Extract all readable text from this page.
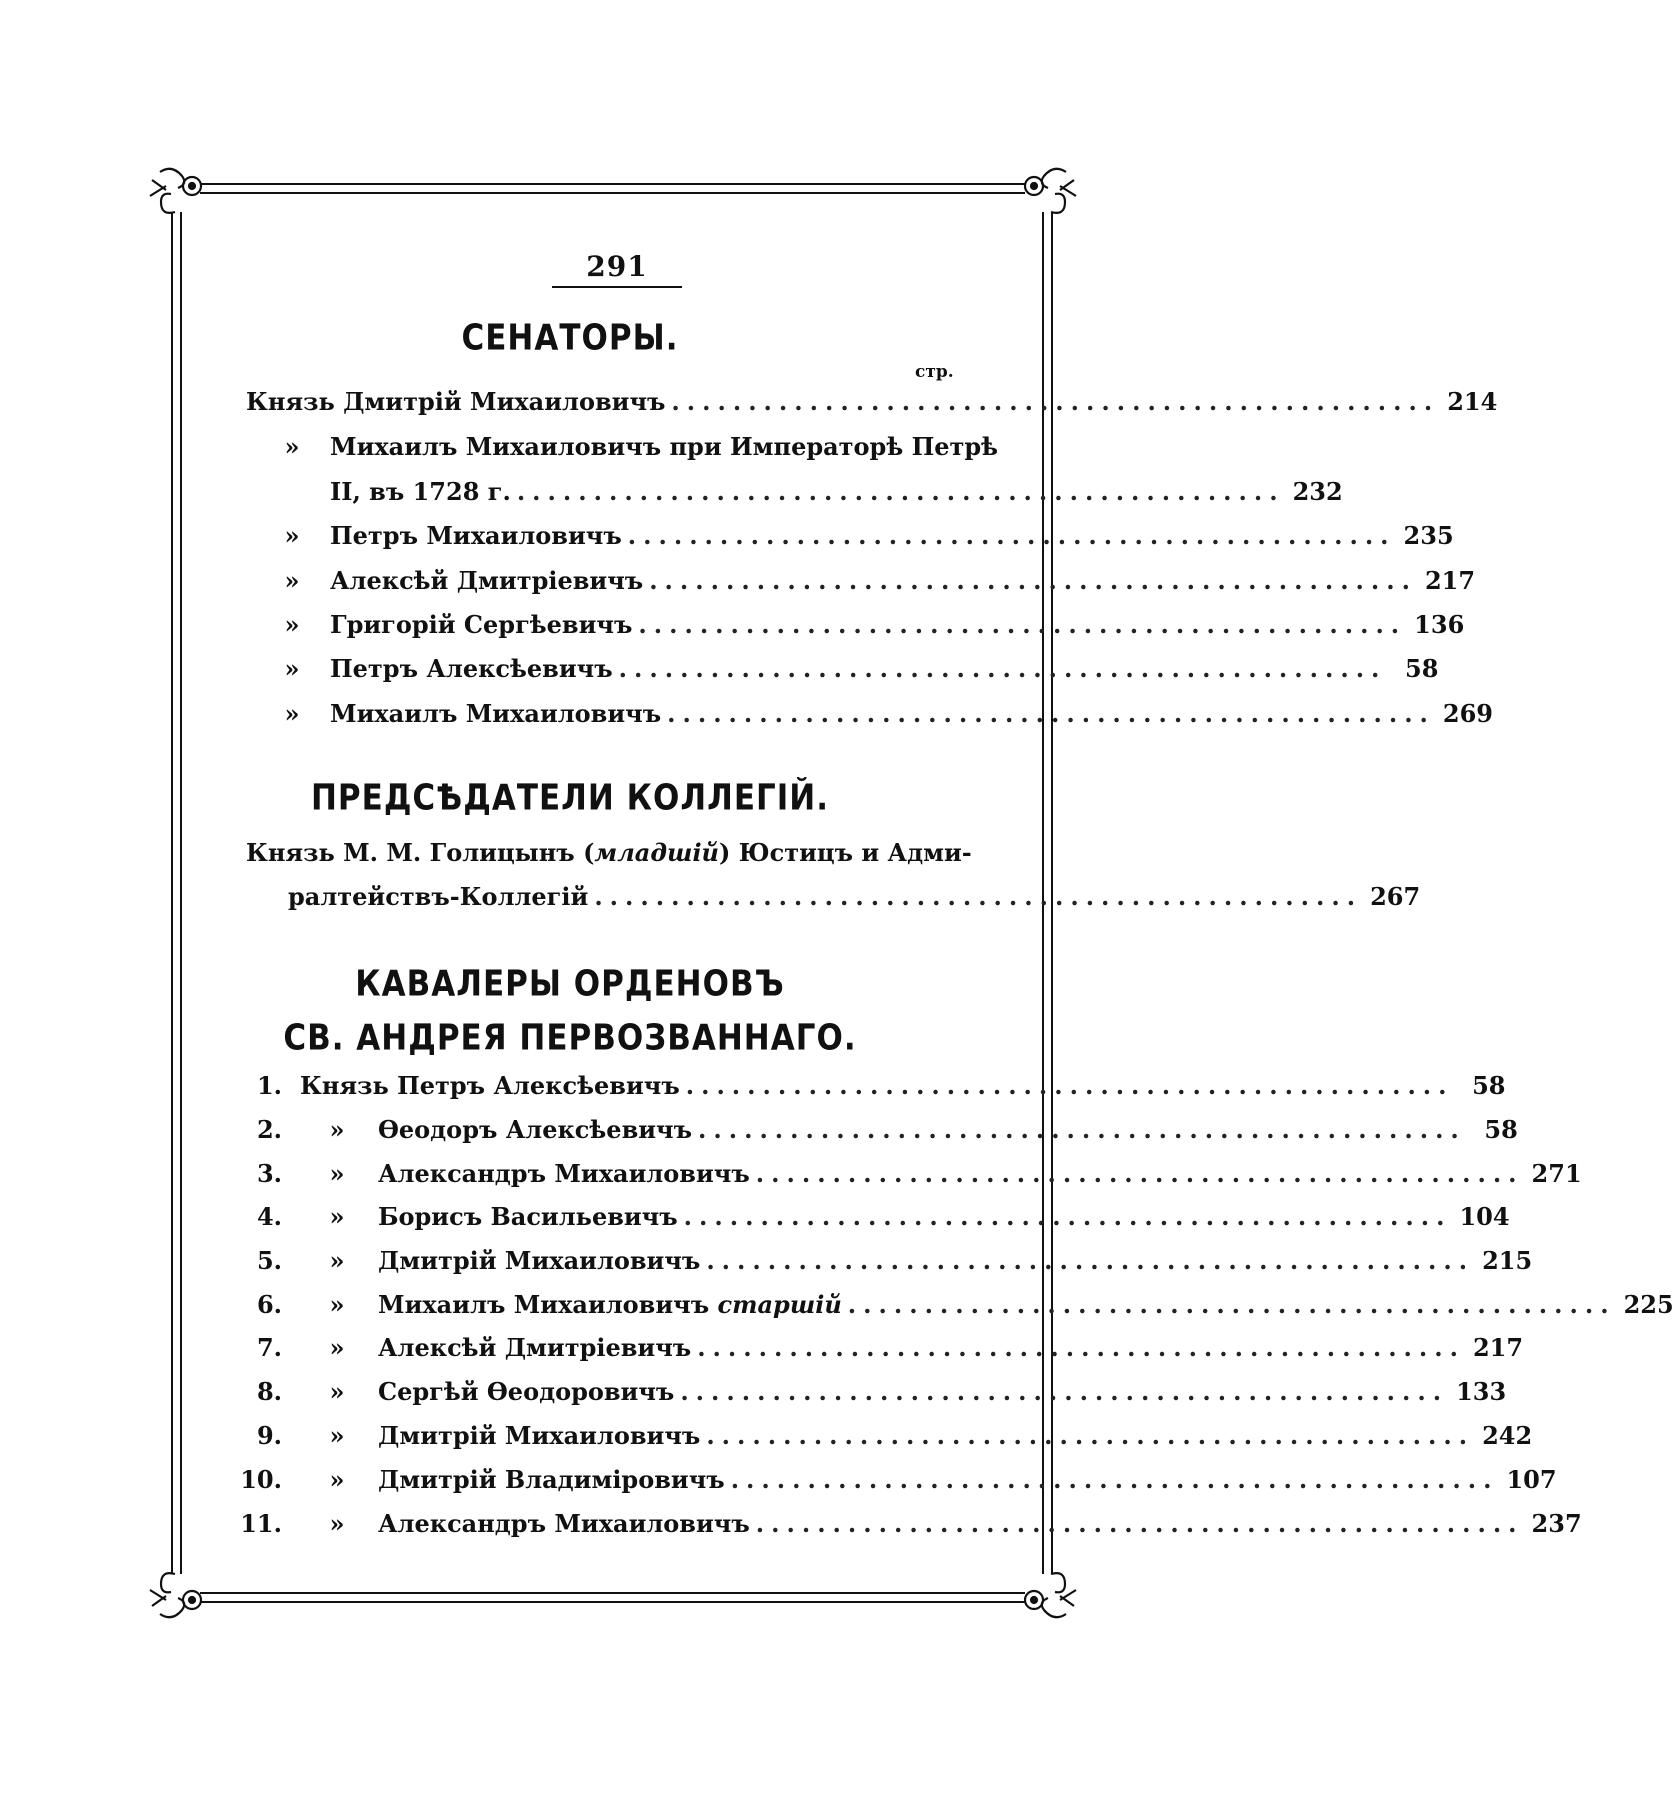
291
СЕНАТОРЫ.
стр.
Князь Дмитрій Михаиловичъ .................................................. 214
» Михаилъ Михаиловичъ при Императорѣ Петрѣ
II, въ 1728 г. .................................................. 232
» Петръ Михаиловичъ .................................................. 235
» Алексѣй Дмитріевичъ .................................................. 217
» Григорій Сергѣевичъ .................................................. 136
» Петръ Алексѣевичъ .................................................. 58
» Михаилъ Михаиловичъ .................................................. 269
ПРЕДСѢДАТЕЛИ КОЛЛЕГІЙ.
Князь М. М. Голицынъ (младшій) Юстицъ и Адми-
ралтействъ-Коллегій .................................................. 267
КАВАЛЕРЫ ОРДЕНОВЪ
СВ. АНДРЕЯ ПЕРВОЗВАННАГО.
1. Князь Петръ Алексѣевичъ .................................................. 58
2. » Ѳеодоръ Алексѣевичъ .................................................. 58
3. » Александръ Михаиловичъ .................................................. 271
4. » Борисъ Васильевичъ .................................................. 104
5. » Дмитрій Михаиловичъ .................................................. 215
6. » Михаилъ Михаиловичъ старшій .................................................. 225
7. » Алексѣй Дмитріевичъ .................................................. 217
8. » Сергѣй Ѳеодоровичъ .................................................. 133
9. » Дмитрій Михаиловичъ .................................................. 242
10. » Дмитрій Владиміровичъ .................................................. 107
11. » Александръ Михаиловичъ .................................................. 237
